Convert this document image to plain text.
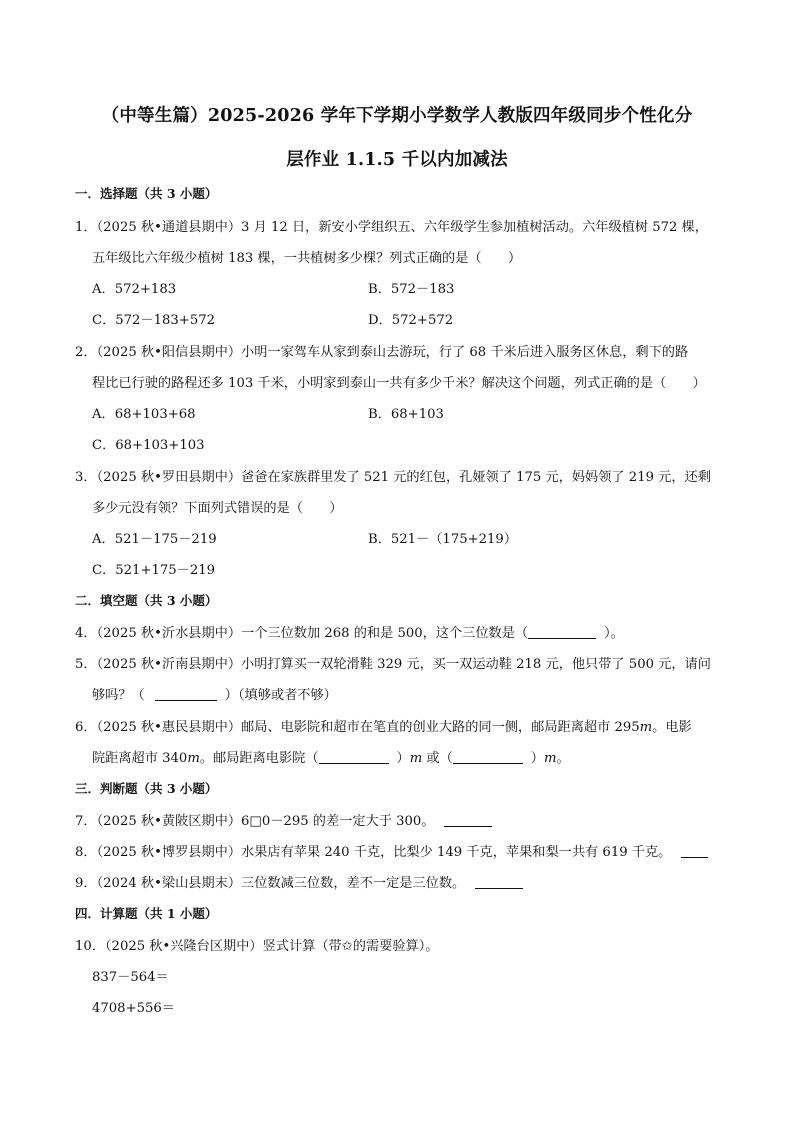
（中等生篇）2025-2026 学年下学期小学数学人教版四年级同步个性化分
层作业 1.1.5 千以内加减法
一．选择题（共 3 小题）
1．（2025 秋•通道县期中）3 月 12 日，新安小学组织五、六年级学生参加植树活动。六年级植树 572 棵，
五年级比六年级少植树 183 棵，一共植树多少棵？列式正确的是（　　）
A．572+183	B．572－183
C．572－183+572	D．572+572
2．（2025 秋•阳信县期中）小明一家驾车从家到泰山去游玩，行了 68 千米后进入服务区休息，剩下的路
程比已行驶的路程还多 103 千米，小明家到泰山一共有多少千米？解决这个问题，列式正确的是（　　）
A．68+103+68	B．68+103
C．68+103+103
3．（2025 秋•罗田县期中）爸爸在家族群里发了 521 元的红包，孔娅领了 175 元，妈妈领了 219 元，还剩
多少元没有领？下面列式错误的是（　　）
A．521－175－219	B．521－（175+219）
C．521+175－219
二．填空题（共 3 小题）
4．（2025 秋•沂水县期中）一个三位数加 268 的和是 500，这个三位数是（	）。
5．（2025 秋•沂南县期中）小明打算买一双轮滑鞋 329 元，买一双运动鞋 218 元，他只带了 500 元，请问
够吗？（	）（填够或者不够）
6．（2025 秋•惠民县期中）邮局、电影院和超市在笔直的创业大路的同一侧，邮局距离超市 295m。电影
院距离超市 340m。邮局距离电影院（	）m 或（	）m。
三．判断题（共 3 小题）
7．（2025 秋•黄陂区期中）6□0－295 的差一定大于 300。
8．（2025 秋•博罗县期中）水果店有苹果 240 千克，比梨少 149 千克，苹果和梨一共有 619 千克。
9．（2024 秋•梁山县期末）三位数减三位数，差不一定是三位数。
四．计算题（共 1 小题）
10．（2025 秋•兴隆台区期中）竖式计算（带✩的需要验算）。
837－564＝
4708+556＝
